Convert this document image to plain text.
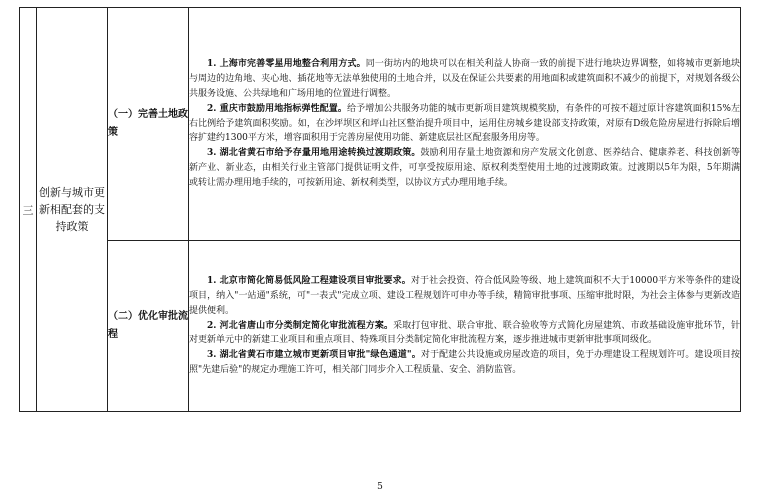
三	创新与城市更新相配套的支持政策	（一）完善土地政策	1. 上海市完善零星用地整合利用方式。同一街坊内的地块可以在相关利益人协商一致的前提下进行地块边界调整，如将城市更新地块与周边的边角地、夹心地、插花地等无法单独使用的土地合并，以及在保证公共要素的用地面积或建筑面积不减少的前提下，对规划各级公共服务设施、公共绿地和广场用地的位置进行调整。

2. 重庆市鼓励用地指标弹性配置。给予增加公共服务功能的城市更新项目建筑规模奖励，有条件的可按不超过原计容建筑面积15%左右比例给予建筑面积奖励。如，在沙坪坝区和坪山社区整治提升项目中，运用住房城乡建设部支持政策，对原有D级危险房屋进行拆除后增容扩建约1300平方米，增容面积用于完善房屋使用功能、新建底层社区配套服务用房等。

3. 湖北省黄石市给予存量用地用途转换过渡期政策。鼓励利用存量土地资源和房产发展文化创意、医养结合、健康养老、科技创新等新产业、新业态，由相关行业主管部门提供证明文件，可享受按原用途、原权利类型使用土地的过渡期政策。过渡期以5年为限，5年期满或转让需办理用地手续的，可按新用途、新权利类型，以协议方式办理用地手续。

		（二）优化审批流程	1. 北京市简化简易低风险工程建设项目审批要求。对于社会投资、符合低风险等级、地上建筑面积不大于10000平方米等条件的建设项目，纳入"一站通"系统，可"一表式"完成立项、建设工程规划许可申办等手续，精简审批事项、压缩审批时限，为社会主体参与更新改造提供便利。

2. 河北省唐山市分类制定简化审批流程方案。采取打包审批、联合审批、联合验收等方式简化房屋建筑、市政基础设施审批环节，针对更新单元中的新建工业项目和重点项目、特殊项目分类制定简化审批流程方案，逐步推进城市更新审批事项同级化。

3. 湖北省黄石市建立城市更新项目审批"绿色通道"。对于配建公共设施或房屋改造的项目，免于办理建设工程规划许可。建设项目按照"先建后验"的规定办理施工许可，相关部门同步介入工程质量、安全、消防监管。

5
